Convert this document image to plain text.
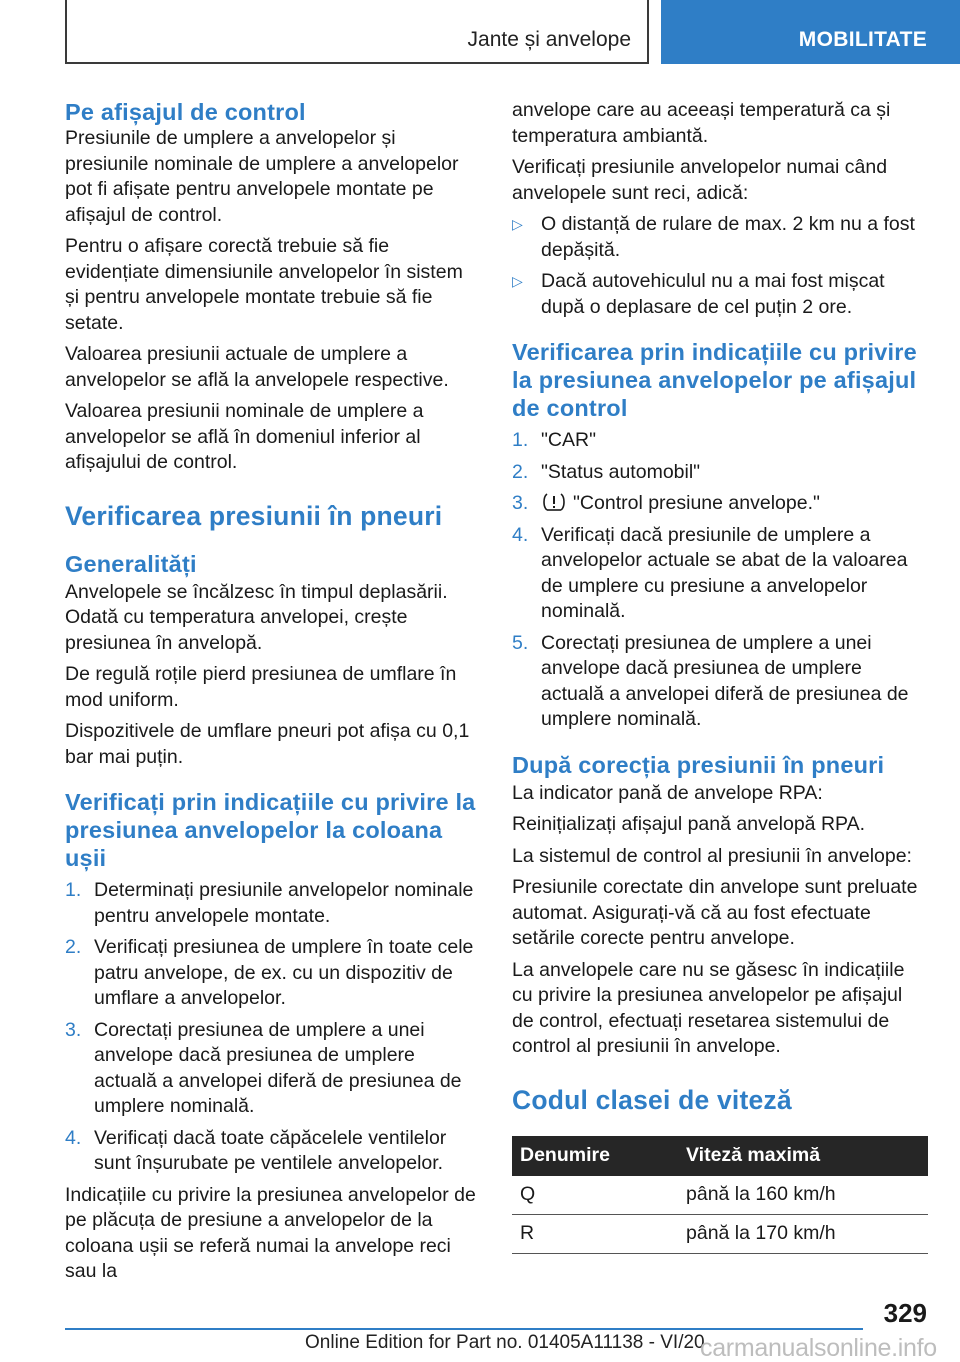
Jante și anvelope	MOBILITATE
Pe afișajul de control

Presiunile de umplere a anvelopelor și presiunile nominale de umplere a anvelopelor pot fi afișate pentru anvelopele montate pe afișajul de control.

Pentru o afișare corectă trebuie să fie evidențiate dimensiunile anvelopelor în sistem și pentru anvelopele montate trebuie să fie setate.

Valoarea presiunii actuale de umplere a anvelopelor se află la anvelopele respective.

Valoarea presiunii nominale de umplere a anvelopelor se află în domeniul inferior al afișajului de control.

Verificarea presiunii în pneuri
Generalități

Anvelopele se încălzesc în timpul deplasării. Odată cu temperatura anvelopei, crește presiunea în anvelopă.

De regulă roțile pierd presiunea de umflare în mod uniform.

Dispozitivele de umflare pneuri pot afișa cu 0,1 bar mai puțin.

Verificați prin indicațiile cu privire la presiunea anvelopelor la coloana ușii
1. Determinați presiunile anvelopelor nominale pentru anvelopele montate.
2. Verificați presiunea de umplere în toate cele patru anvelope, de ex. cu un dispozitiv de umflare a anvelopelor.
3. Corectați presiunea de umplere a unei anvelope dacă presiunea de umplere actuală a anvelopei diferă de presiunea de umplere nominală.
4. Verificați dacă toate căpăcelele ventilelor sunt înșurubate pe ventilele anvelopelor.

Indicațiile cu privire la presiunea anvelopelor de pe plăcuța de presiune a anvelopelor de la coloana ușii se referă numai la anvelope reci sau la

anvelope care au aceeași temperatură ca și temperatura ambiantă.

Verificați presiunile anvelopelor numai când anvelopele sunt reci, adică:

▷ O distanță de rulare de max. 2 km nu a fost depășită.
▷ Dacă autovehiculul nu a mai fost mișcat după o deplasare de cel puțin 2 ore.
Verificarea prin indicațiile cu privire la presiunea anvelopelor pe afișajul de control
1. "CAR"
2. "Status automobil"
3. "Control presiune anvelope."
4. Verificați dacă presiunile de umplere a anvelopelor actuale se abat de la valoarea de umplere cu presiune a anvelopelor nominală.
5. Corectați presiunea de umplere a unei anvelope dacă presiunea de umplere actuală a anvelopei diferă de presiunea de umplere nominală.
După corecția presiunii în pneuri

La indicator pană de anvelope RPA:

Reinițializați afișajul pană anvelopă RPA.

La sistemul de control al presiunii în anvelope:

Presiunile corectate din anvelope sunt preluate automat. Asigurați-vă că au fost efectuate setările corecte pentru anvelope.

La anvelopele care nu se găsesc în indicațiile cu privire la presiunea anvelopelor pe afișajul de control, efectuați resetarea sistemului de control al presiunii în anvelope.

Codul clasei de viteză
Denumire	Viteză maximă
Q	până la 160 km/h
R	până la 170 km/h
329
Online Edition for Part no. 01405A11138 - VI/20
carmanualsonline.info
